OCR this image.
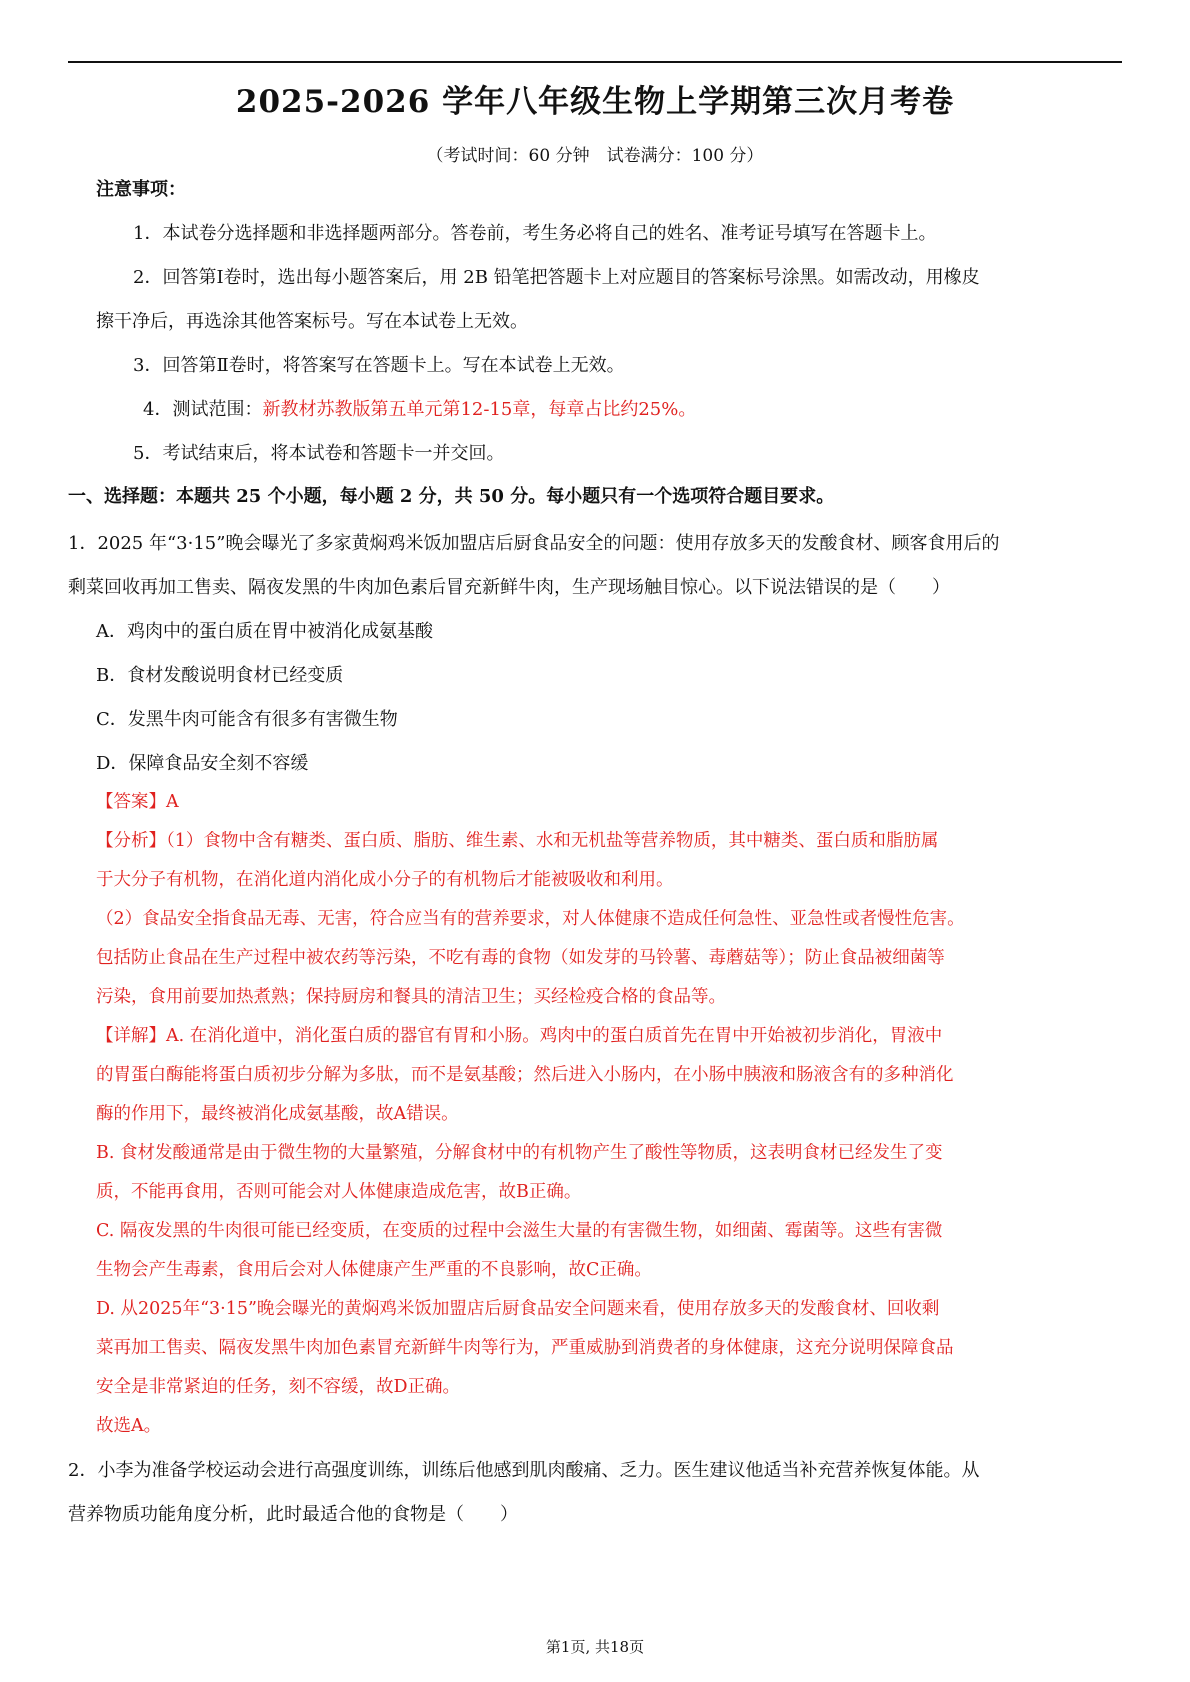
2025-2026 学年八年级生物上学期第三次月考卷
（考试时间：60 分钟　试卷满分：100 分）
注意事项：
1．本试卷分选择题和非选择题两部分。答卷前，考生务必将自己的姓名、准考证号填写在答题卡上。
2．回答第Ⅰ卷时，选出每小题答案后，用 2B 铅笔把答题卡上对应题目的答案标号涂黑。如需改动，用橡皮
擦干净后，再选涂其他答案标号。写在本试卷上无效。
3．回答第Ⅱ卷时，将答案写在答题卡上。写在本试卷上无效。
4．测试范围：新教材苏教版第五单元第12-15章，每章占比约25%。
5．考试结束后，将本试卷和答题卡一并交回。
一、选择题：本题共 25 个小题，每小题 2 分，共 50 分。每小题只有一个选项符合题目要求。
1．2025 年“3·15”晚会曝光了多家黄焖鸡米饭加盟店后厨食品安全的问题：使用存放多天的发酸食材、顾客食用后的
剩菜回收再加工售卖、隔夜发黑的牛肉加色素后冒充新鲜牛肉，生产现场触目惊心。以下说法错误的是（　　）
A．鸡肉中的蛋白质在胃中被消化成氨基酸
B．食材发酸说明食材已经变质
C．发黑牛肉可能含有很多有害微生物
D．保障食品安全刻不容缓
【答案】A
【分析】（1）食物中含有糖类、蛋白质、脂肪、维生素、水和无机盐等营养物质，其中糖类、蛋白质和脂肪属
于大分子有机物，在消化道内消化成小分子的有机物后才能被吸收和利用。
（2）食品安全指食品无毒、无害，符合应当有的营养要求，对人体健康不造成任何急性、亚急性或者慢性危害。
包括防止食品在生产过程中被农药等污染，不吃有毒的食物（如发芽的马铃薯、毒蘑菇等）；防止食品被细菌等
污染，食用前要加热煮熟；保持厨房和餐具的清洁卫生；买经检疫合格的食品等。
【详解】A. 在消化道中，消化蛋白质的器官有胃和小肠。鸡肉中的蛋白质首先在胃中开始被初步消化，胃液中
的胃蛋白酶能将蛋白质初步分解为多肽，而不是氨基酸；然后进入小肠内，在小肠中胰液和肠液含有的多种消化
酶的作用下，最终被消化成氨基酸，故A错误。
B. 食材发酸通常是由于微生物的大量繁殖，分解食材中的有机物产生了酸性等物质，这表明食材已经发生了变
质，不能再食用，否则可能会对人体健康造成危害，故B正确。
C. 隔夜发黑的牛肉很可能已经变质，在变质的过程中会滋生大量的有害微生物，如细菌、霉菌等。这些有害微
生物会产生毒素，食用后会对人体健康产生严重的不良影响，故C正确。
D. 从2025年“3·15”晚会曝光的黄焖鸡米饭加盟店后厨食品安全问题来看，使用存放多天的发酸食材、回收剩
菜再加工售卖、隔夜发黑牛肉加色素冒充新鲜牛肉等行为，严重威胁到消费者的身体健康，这充分说明保障食品
安全是非常紧迫的任务，刻不容缓，故D正确。
故选A。
2．小李为准备学校运动会进行高强度训练，训练后他感到肌肉酸痛、乏力。医生建议他适当补充营养恢复体能。从
营养物质功能角度分析，此时最适合他的食物是（　　）
第1页, 共18页
